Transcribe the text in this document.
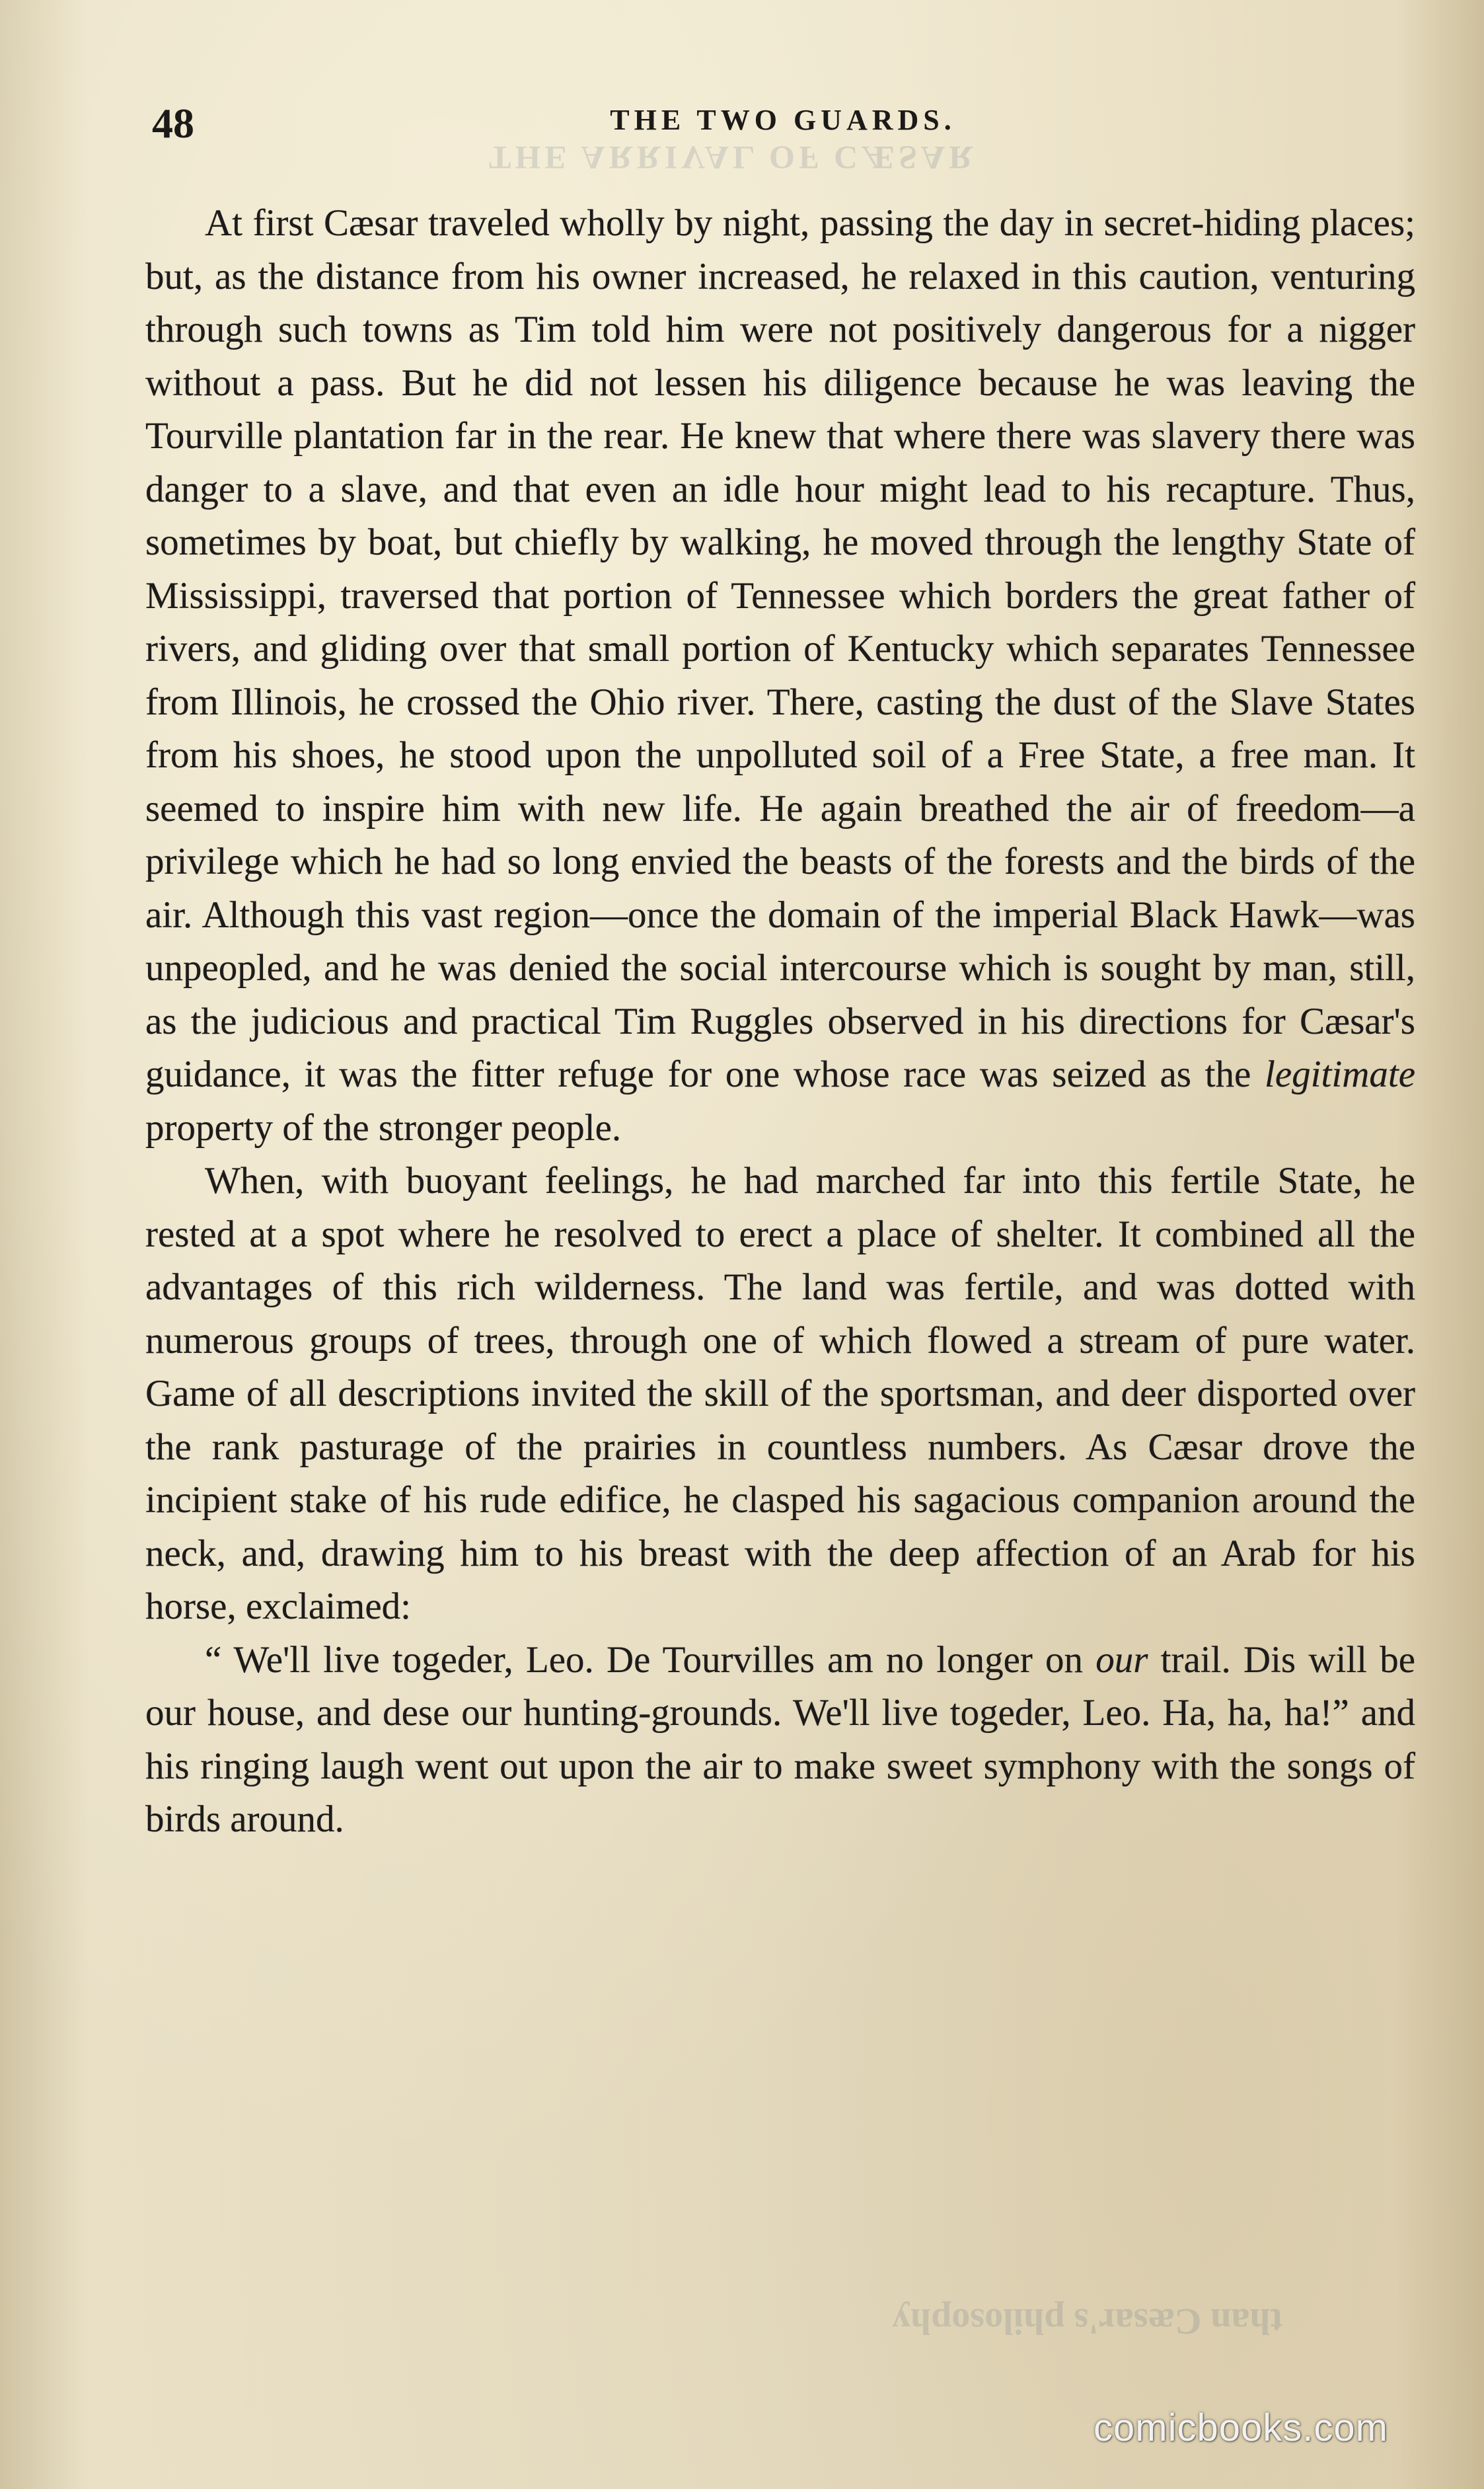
THE ARRIVAL OF CÆSAR
48	THE TWO GUARDS.

At first Cæsar traveled wholly by night, passing the day in secret-hiding places; but, as the distance from his owner increased, he relaxed in this caution, venturing through such towns as Tim told him were not positively dangerous for a nigger without a pass. But he did not lessen his diligence because he was leaving the Tourville plantation far in the rear. He knew that where there was slavery there was danger to a slave, and that even an idle hour might lead to his recapture. Thus, sometimes by boat, but chiefly by walking, he moved through the lengthy State of Mississippi, traversed that portion of Tennessee which borders the great father of rivers, and gliding over that small portion of Kentucky which separates Tennessee from Illinois, he crossed the Ohio river. There, casting the dust of the Slave States from his shoes, he stood upon the unpolluted soil of a Free State, a free man. It seemed to inspire him with new life. He again breathed the air of freedom—a privilege which he had so long envied the beasts of the forests and the birds of the air. Although this vast region—once the domain of the imperial Black Hawk—was unpeopled, and he was denied the social intercourse which is sought by man, still, as the judicious and practical Tim Ruggles observed in his directions for Cæsar's guidance, it was the fitter refuge for one whose race was seized as the legitimate property of the stronger people.

When, with buoyant feelings, he had marched far into this fertile State, he rested at a spot where he resolved to erect a place of shelter. It combined all the advantages of this rich wilderness. The land was fertile, and was dotted with numerous groups of trees, through one of which flowed a stream of pure water. Game of all descriptions invited the skill of the sportsman, and deer disported over the rank pasturage of the prairies in countless numbers. As Cæsar drove the incipient stake of his rude edifice, he clasped his sagacious companion around the neck, and, drawing him to his breast with the deep affection of an Arab for his horse, exclaimed:

“ We'll live togeder, Leo. De Tourvilles am no longer on our trail. Dis will be our house, and dese our hunting-grounds. We'll live togeder, Leo. Ha, ha, ha!” and his ringing laugh went out upon the air to make sweet symphony with the songs of birds around.

than Cæsar's philosophy
comicbooks.com
